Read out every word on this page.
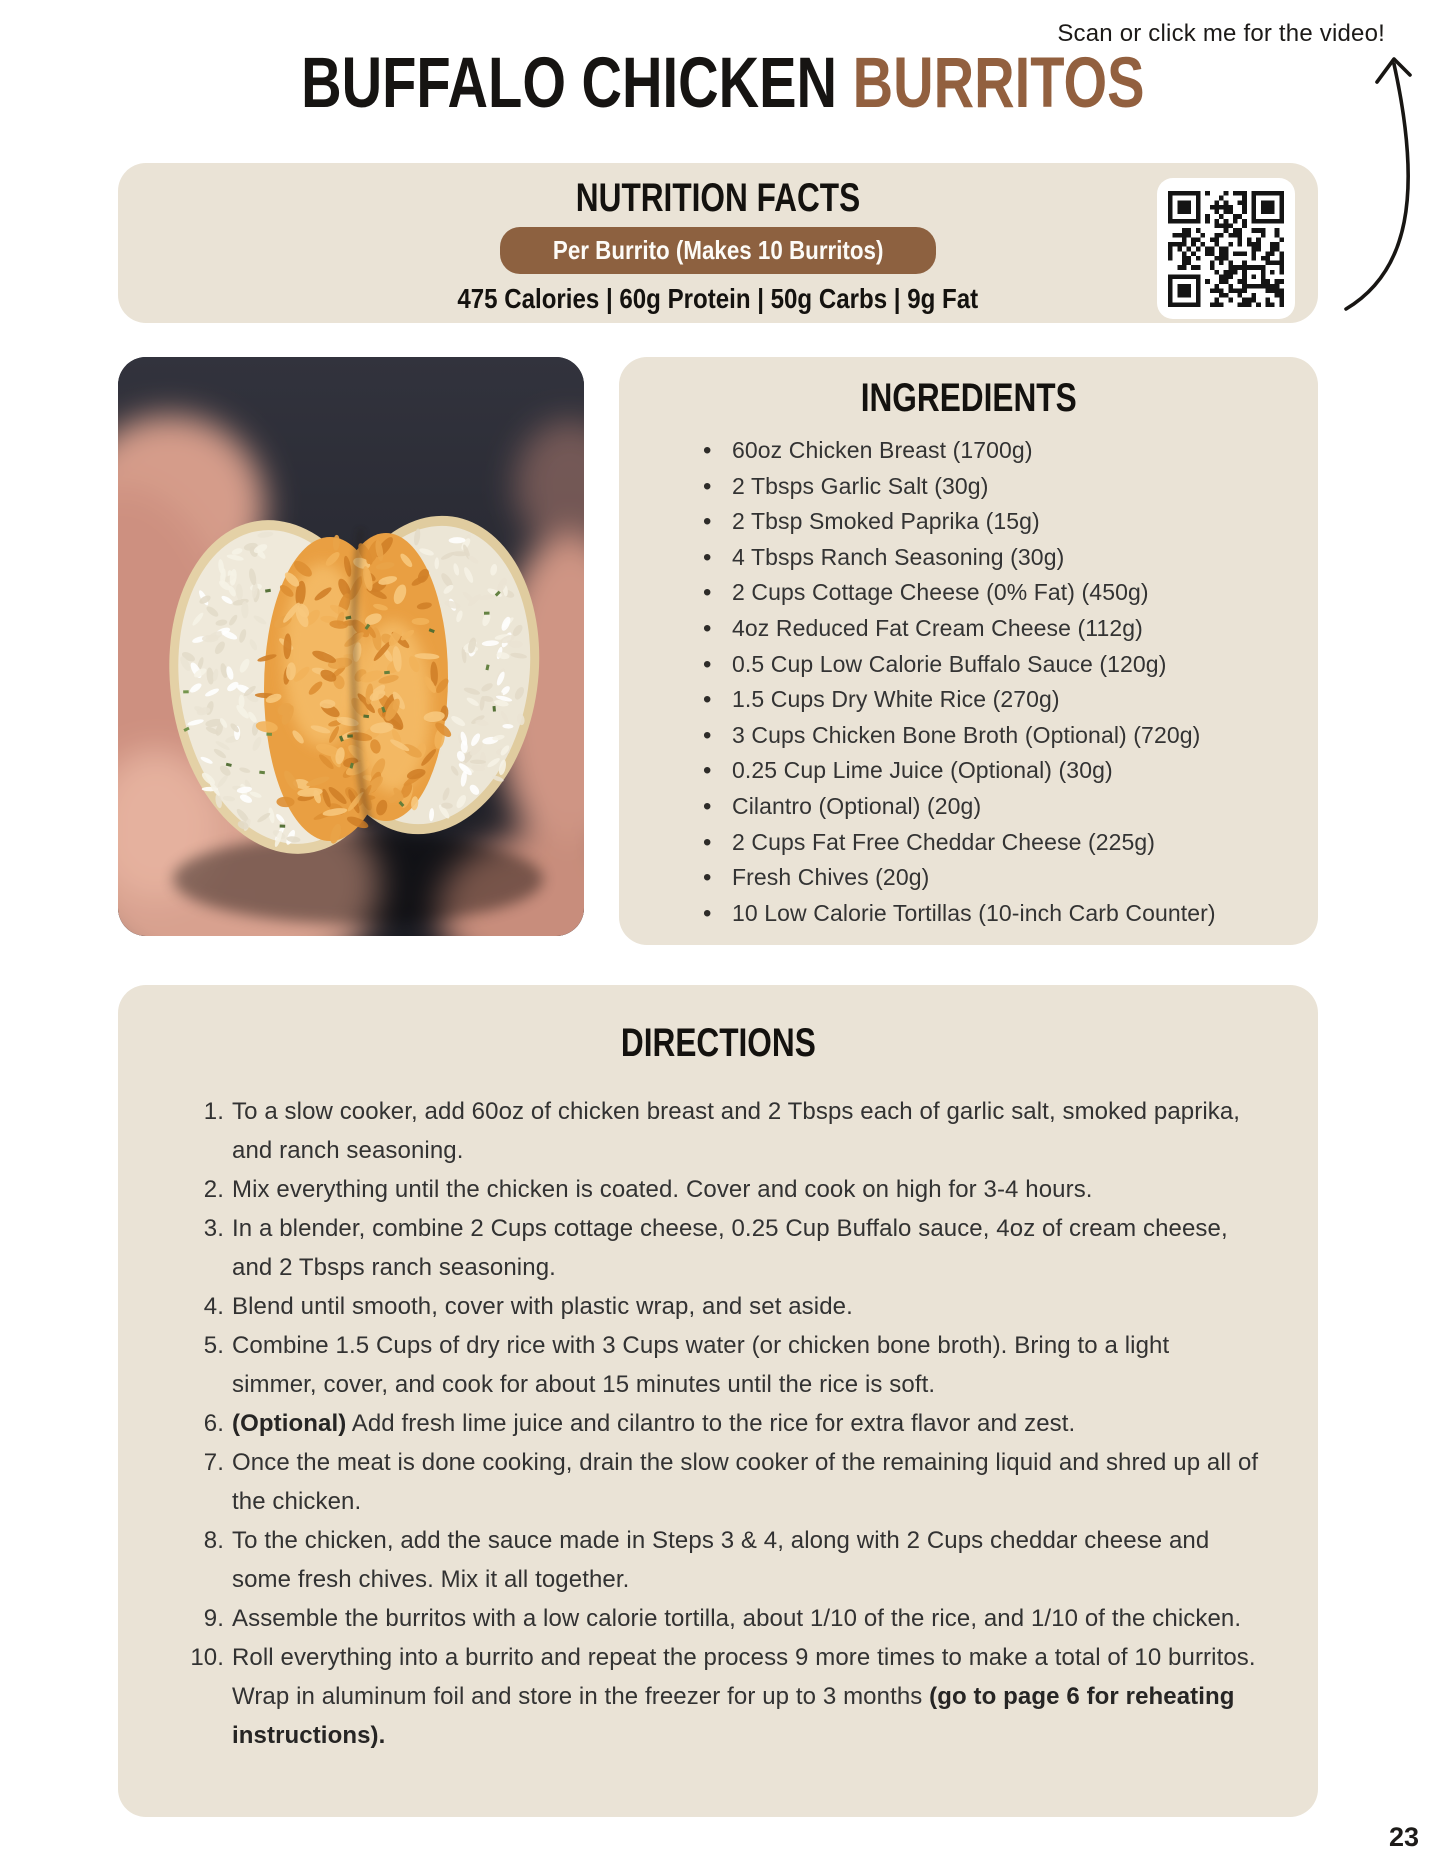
Scan or click me for the video!
BUFFALO CHICKEN BURRITOS
NUTRITION FACTS
Per Burrito (Makes 10 Burritos)
475 Calories | 60g Protein | 50g Carbs | 9g Fat
INGREDIENTS
• 60oz Chicken Breast (1700g)
• 2 Tbsps Garlic Salt (30g)
• 2 Tbsp Smoked Paprika (15g)
• 4 Tbsps Ranch Seasoning (30g)
• 2 Cups Cottage Cheese (0% Fat) (450g)
• 4oz Reduced Fat Cream Cheese (112g)
• 0.5 Cup Low Calorie Buffalo Sauce (120g)
• 1.5 Cups Dry White Rice (270g)
• 3 Cups Chicken Bone Broth (Optional) (720g)
• 0.25 Cup Lime Juice (Optional) (30g)
• Cilantro (Optional) (20g)
• 2 Cups Fat Free Cheddar Cheese (225g)
• Fresh Chives (20g)
• 10 Low Calorie Tortillas (10-inch Carb Counter)
DIRECTIONS
To a slow cooker, add 60oz of chicken breast and 2 Tbsps each of garlic salt, smoked paprika, and ranch seasoning.
Mix everything until the chicken is coated. Cover and cook on high for 3-4 hours.
In a blender, combine 2 Cups cottage cheese, 0.25 Cup Buffalo sauce, 4oz of cream cheese, and 2 Tbsps ranch seasoning.
Blend until smooth, cover with plastic wrap, and set aside.
Combine 1.5 Cups of dry rice with 3 Cups water (or chicken bone broth). Bring to a light simmer, cover, and cook for about 15 minutes until the rice is soft.
(Optional) Add fresh lime juice and cilantro to the rice for extra flavor and zest.
Once the meat is done cooking, drain the slow cooker of the remaining liquid and shred up all of the chicken.
To the chicken, add the sauce made in Steps 3 & 4, along with 2 Cups cheddar cheese and some fresh chives. Mix it all together.
Assemble the burritos with a low calorie tortilla, about 1/10 of the rice, and 1/10 of the chicken.
Roll everything into a burrito and repeat the process 9 more times to make a total of 10 burritos. Wrap in aluminum foil and store in the freezer for up to 3 months (go to page 6 for reheating instructions).
23
